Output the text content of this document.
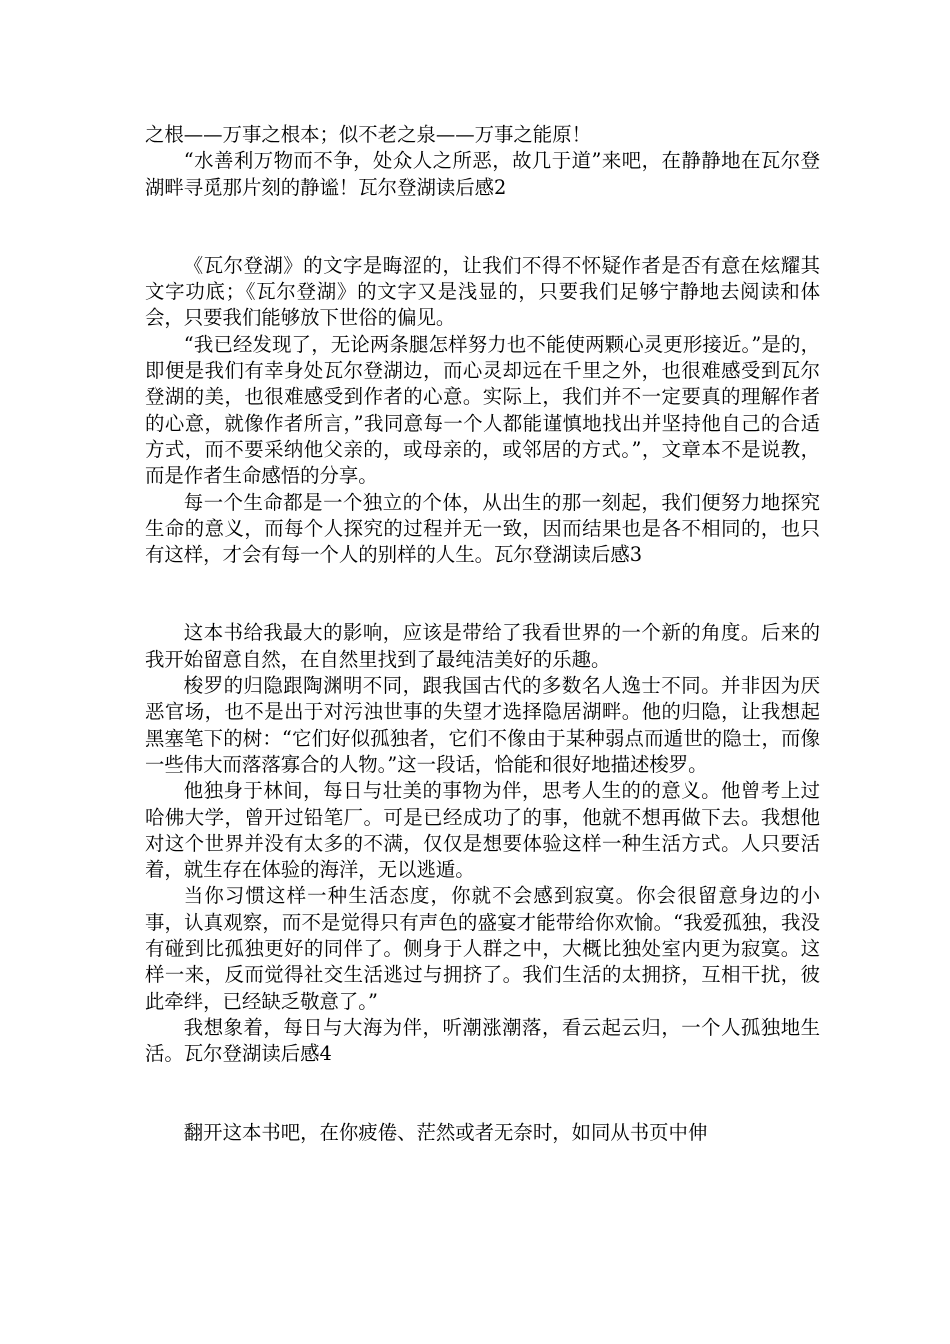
之根——万事之根本；似不老之泉——万事之能原！

“水善利万物而不争，处众人之所恶，故几于道”来吧，在静静地在瓦尔登湖畔寻觅那片刻的静谧！瓦尔登湖读后感2

《瓦尔登湖》的文字是晦涩的，让我们不得不怀疑作者是否有意在炫耀其文字功底；《瓦尔登湖》的文字又是浅显的，只要我们足够宁静地去阅读和体会，只要我们能够放下世俗的偏见。

“我已经发现了，无论两条腿怎样努力也不能使两颗心灵更形接近。”是的，即便是我们有幸身处瓦尔登湖边，而心灵却远在千里之外，也很难感受到瓦尔登湖的美，也很难感受到作者的心意。实际上，我们并不一定要真的理解作者的心意，就像作者所言，”我同意每一个人都能谨慎地找出并坚持他自己的合适方式，而不要采纳他父亲的，或母亲的，或邻居的方式。”，文章本不是说教，而是作者生命感悟的分享。

每一个生命都是一个独立的个体，从出生的那一刻起，我们便努力地探究生命的意义，而每个人探究的过程并无一致，因而结果也是各不相同的，也只有这样，才会有每一个人的别样的人生。瓦尔登湖读后感3

这本书给我最大的影响，应该是带给了我看世界的一个新的角度。后来的我开始留意自然，在自然里找到了最纯洁美好的乐趣。

梭罗的归隐跟陶渊明不同，跟我国古代的多数名人逸士不同。并非因为厌恶官场，也不是出于对污浊世事的失望才选择隐居湖畔。他的归隐，让我想起黑塞笔下的树：“它们好似孤独者，它们不像由于某种弱点而遁世的隐士，而像一些伟大而落落寡合的人物。”这一段话，恰能和很好地描述梭罗。

他独身于林间，每日与壮美的事物为伴，思考人生的的意义。他曾考上过哈佛大学，曾开过铅笔厂。可是已经成功了的事，他就不想再做下去。我想他对这个世界并没有太多的不满，仅仅是想要体验这样一种生活方式。人只要活着，就生存在体验的海洋，无以逃遁。

当你习惯这样一种生活态度，你就不会感到寂寞。你会很留意身边的小事，认真观察，而不是觉得只有声色的盛宴才能带给你欢愉。“我爱孤独，我没有碰到比孤独更好的同伴了。侧身于人群之中，大概比独处室内更为寂寞。这样一来，反而觉得社交生活逃过与拥挤了。我们生活的太拥挤，互相干扰，彼此牵绊，已经缺乏敬意了。”

我想象着，每日与大海为伴，听潮涨潮落，看云起云归，一个人孤独地生活。瓦尔登湖读后感4

翻开这本书吧，在你疲倦、茫然或者无奈时，如同从书页中伸
